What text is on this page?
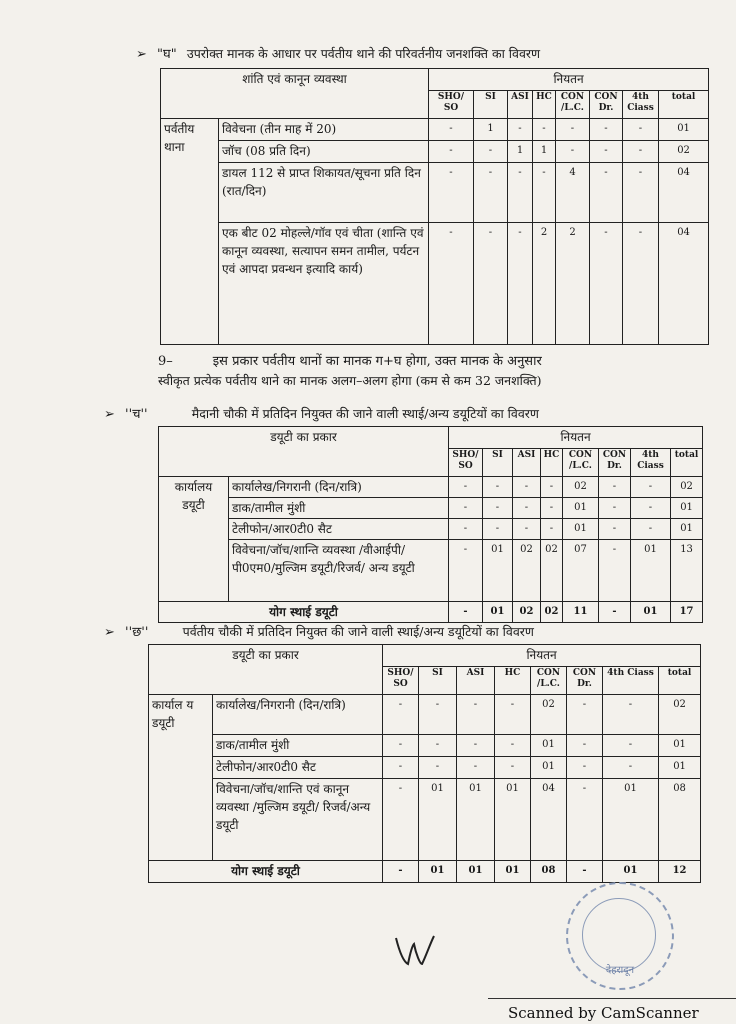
➢ "घ" उपरोक्त मानक के आधार पर पर्वतीय थाने की परिवर्तनीय जनशक्ति का विवरण
शांति एवं कानून व्यवस्था		नियतन							
		SHO/ SO	SI	ASI	HC	CON /L.C.	CON Dr.	4th Ciass	total
पर्वतीय थाना	विवेचना (तीन माह में 20)	-	1	-	-	-	-	-	01
	जॉच (08 प्रति दिन)	-	-	1	1	-	-	-	02
	डायल 112 से प्राप्त शिकायत/सूचना प्रति दिन (रात/दिन)	-	-	-	-	4	-	-	04
	एक बीट 02 मोहल्ले/गॉव एवं चीता (शान्ति एवं कानून व्यवस्था, सत्यापन समन तामील, पर्यटन एवं आपदा प्रवन्धन इत्यादि कार्य)	-	-	-	2	2	-	-	04
9–	इस प्रकार पर्वतीय थानों का मानक ग+घ होगा, उक्त मानक के अनुसार
स्वीकृत प्रत्येक पर्वतीय थाने का मानक अलग–अलग होगा (कम से कम 32 जनशक्ति)
➢ ''च''	मैदानी चौकी में प्रतिदिन नियुक्त की जाने वाली स्थाई/अन्य डयूटियों का विवरण
डयूटी का प्रकार		नियतन							
		SHO/ SO	SI	ASI	HC	CON /L.C.	CON Dr.	4th Ciass	total
कार्यालय डयूटी	कार्यालेख/निगरानी (दिन/रात्रि)	-	-	-	-	02	-	-	02
	डाक/तामील मुंशी	-	-	-	-	01	-	-	01
	टेलीफोन/आर0टी0 सैट	-	-	-	-	01	-	-	01
	विवेचना/जॉच/शान्ति व्यवस्था /वीआईपी/पी0एम0/मुल्जिम डयूटी/रिजर्व/ अन्य डयूटी	-	01	02	02	07	-	01	13
योग स्थाई डयूटी		-	01	02	02	11	-	01	17
➢ ''छ''	पर्वतीय चौकी में प्रतिदिन नियुक्त की जाने वाली स्थाई/अन्य डयूटियों का विवरण
डयूटी का प्रकार		नियतन							
		SHO/ SO	SI	ASI	HC	CON /L.C.	CON Dr.	4th Ciass	total
कार्याल य डयूटी	कार्यालेख/निगरानी (दिन/रात्रि)	-	-	-	-	02	-	-	02
	डाक/तामील मुंशी	-	-	-	-	01	-	-	01
	टेलीफोन/आर0टी0 सैट	-	-	-	-	01	-	-	01
	विवेचना/जॉच/शान्ति एवं कानून व्यवस्था /मुल्जिम डयूटी/ रिजर्व/अन्य डयूटी	-	01	01	01	04	-	01	08
योग स्थाई डयूटी		-	01	01	01	08	-	01	12
देहरादून
Scanned by CamScanner
